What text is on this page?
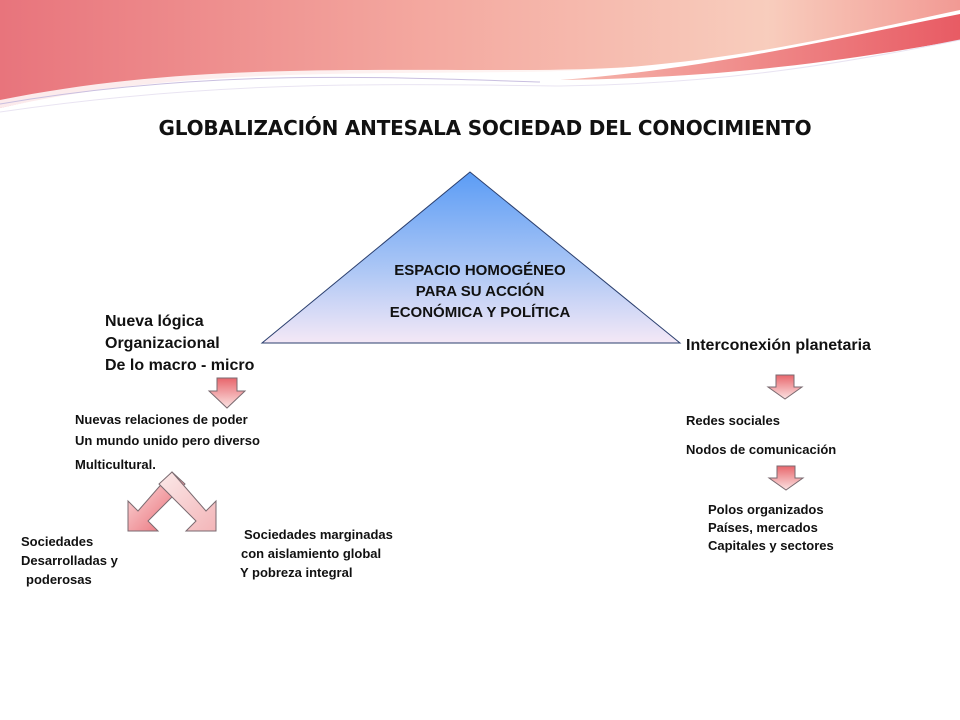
GLOBALIZACIÓN ANTESALA SOCIEDAD DEL CONOCIMIENTO
ESPACIO HOMOGÉNEO
PARA SU ACCIÓN
ECONÓMICA Y POLÍTICA
Nueva lógica
Organizacional
De lo macro - micro
Interconexión planetaria
Nuevas relaciones de poder
Un mundo unido pero diverso
Multicultural.
Sociedades
Desarrolladas y
poderosas
Sociedades marginadas
con aislamiento global
Y pobreza integral
Redes sociales
Nodos de comunicación
Polos organizados
Países, mercados
Capitales y sectores
